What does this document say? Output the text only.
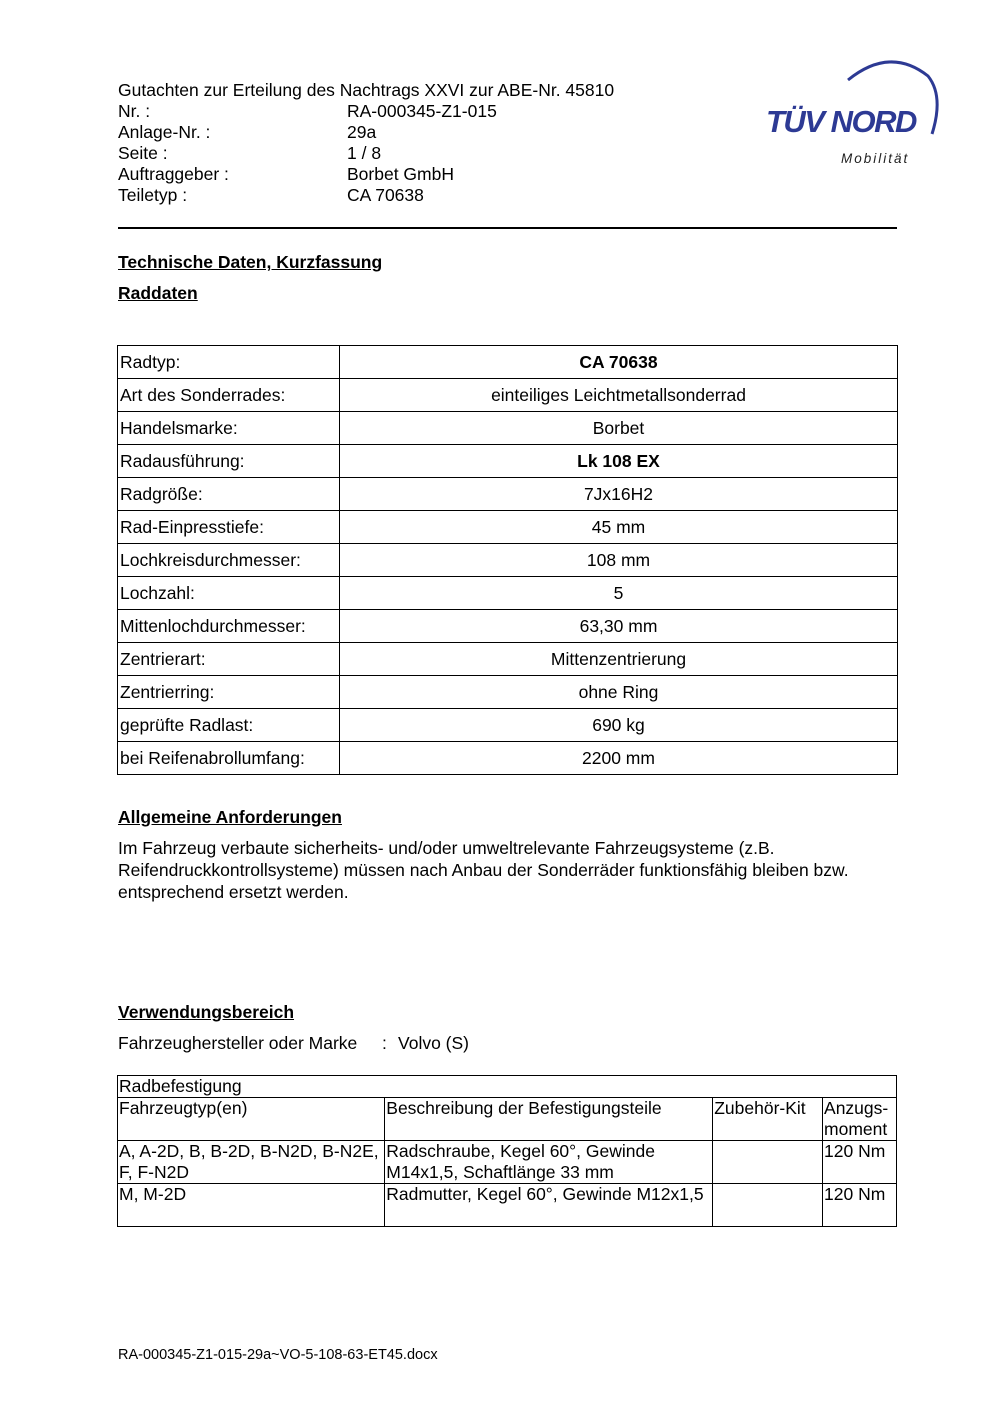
Gutachten zur Erteilung des Nachtrags XXVI zur ABE-Nr. 45810
Nr. :	RA-000345-Z1-015
Anlage-Nr. :	29a
Seite :	1 / 8
Auftraggeber :	Borbet GmbH
Teiletyp :	CA 70638
TÜV NORD
Mobilität
Technische Daten, Kurzfassung
Raddaten
Radtyp:	CA 70638
Art des Sonderrades:	einteiliges Leichtmetallsonderrad
Handelsmarke:	Borbet
Radausführung:	Lk 108 EX
Radgröße:	7Jx16H2
Rad-Einpresstiefe:	45 mm
Lochkreisdurchmesser:	108 mm
Lochzahl:	5
Mittenlochdurchmesser:	63,30 mm
Zentrierart:	Mittenzentrierung
Zentrierring:	ohne Ring
geprüfte Radlast:	690 kg
bei Reifenabrollumfang:	2200 mm
Allgemeine Anforderungen
Im Fahrzeug verbaute sicherheits- und/oder umweltrelevante Fahrzeugsysteme (z.B. Reifendruckkontrollsysteme) müssen nach Anbau der Sonderräder funktionsfähig bleiben bzw. entsprechend ersetzt werden.
Verwendungsbereich
Fahrzeughersteller oder Marke : Volvo (S)
Radbefestigung			
Fahrzeugtyp(en)	Beschreibung der Befestigungsteile	Zubehör-Kit	Anzugs-moment
A, A-2D, B, B-2D, B-N2D, B-N2E, F, F-N2D	Radschraube, Kegel 60°, Gewinde M14x1,5, Schaftlänge 33 mm		120 Nm
M, M-2D	Radmutter, Kegel 60°, Gewinde M12x1,5		120 Nm
RA-000345-Z1-015-29a~VO-5-108-63-ET45.docx
